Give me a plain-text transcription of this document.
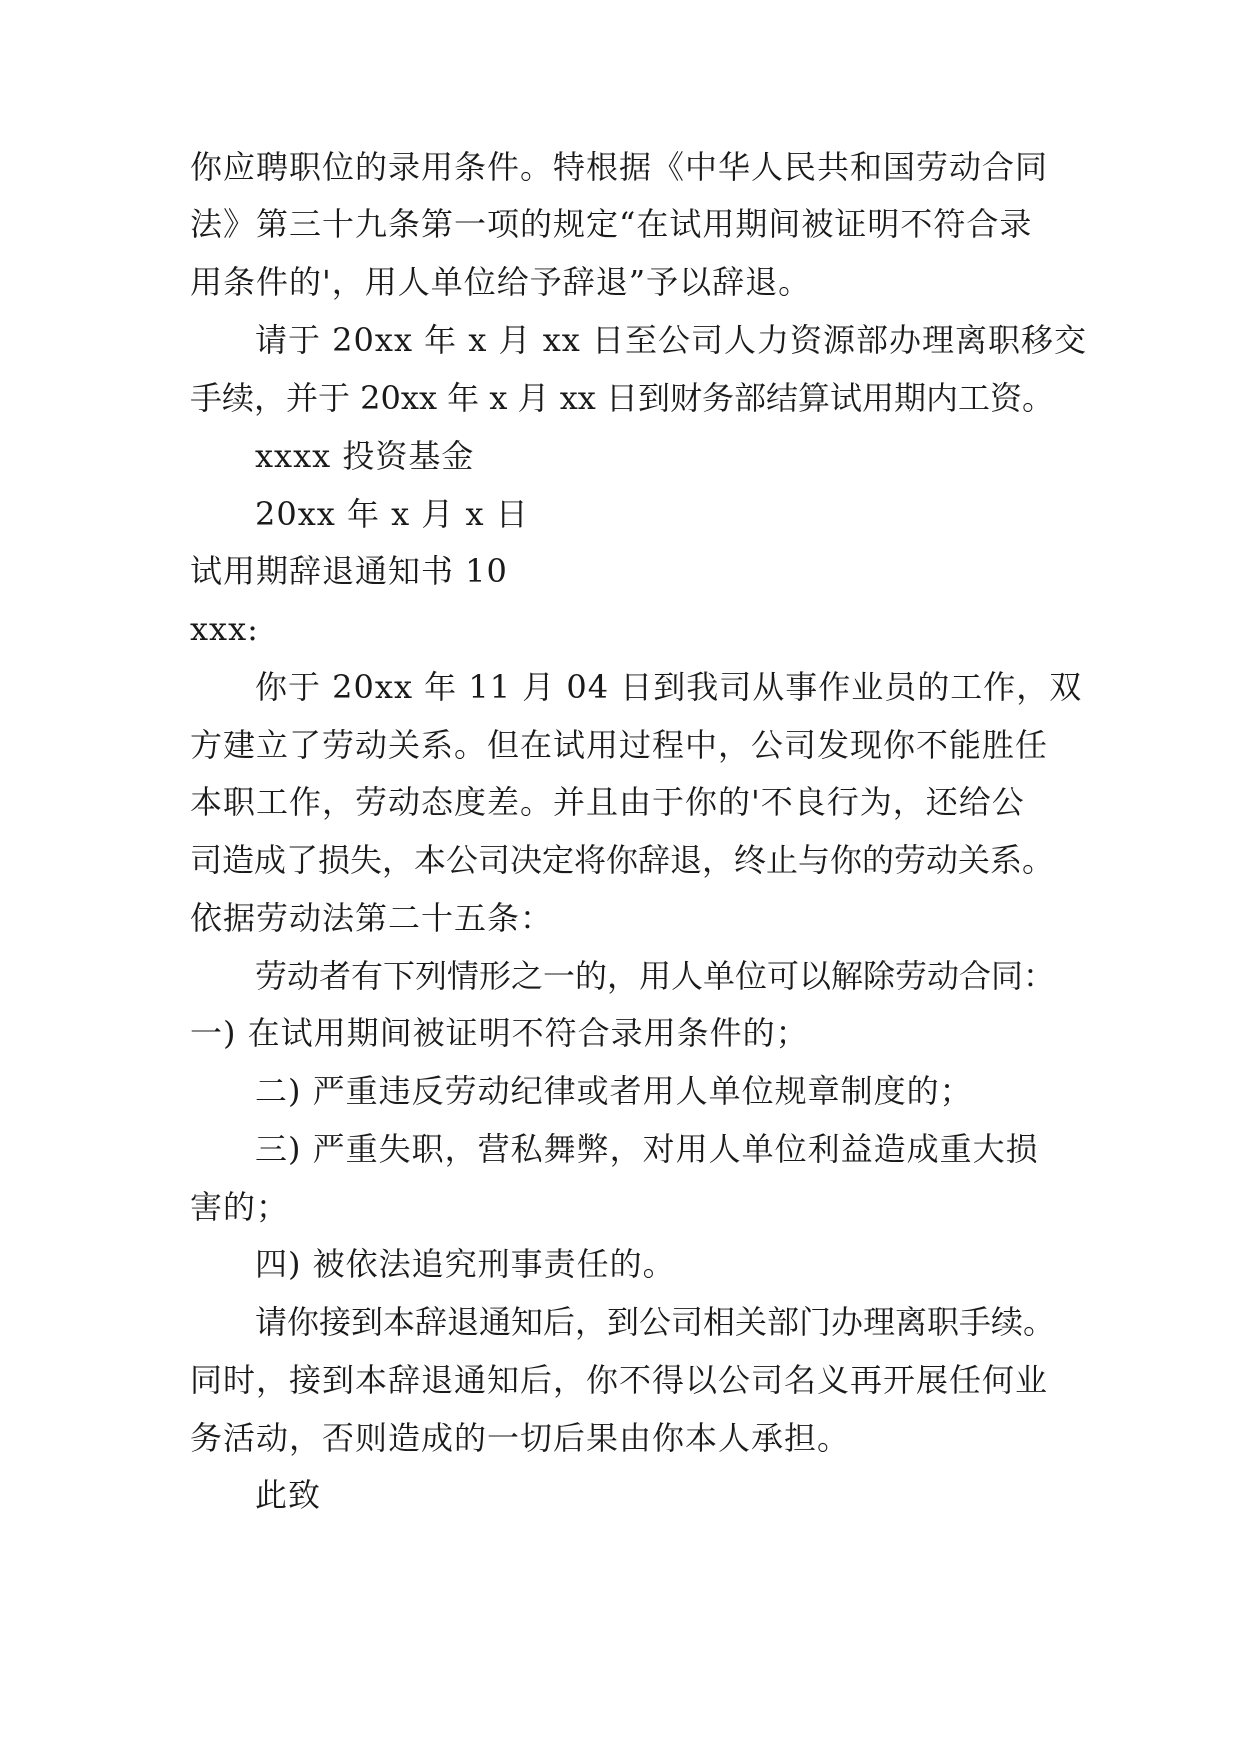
你应聘职位的录用条件。特根据《中华人民共和国劳动合同
法》第三十九条第一项的规定“在试用期间被证明不符合录
用条件的'，用人单位给予辞退”予以辞退。
请于 20xx 年 x 月 xx 日至公司人力资源部办理离职移交
手续，并于 20xx 年 x 月 xx 日到财务部结算试用期内工资。
xxxx 投资基金
20xx 年 x 月 x 日
试用期辞退通知书 10
xxx:
你于 20xx 年 11 月 04 日到我司从事作业员的工作，双
方建立了劳动关系。但在试用过程中，公司发现你不能胜任
本职工作，劳动态度差。并且由于你的'不良行为，还给公
司造成了损失，本公司决定将你辞退，终止与你的劳动关系。
依据劳动法第二十五条：
劳动者有下列情形之一的，用人单位可以解除劳动合同：
一) 在试用期间被证明不符合录用条件的；
二) 严重违反劳动纪律或者用人单位规章制度的；
三) 严重失职，营私舞弊，对用人单位利益造成重大损
害的；
四) 被依法追究刑事责任的。
请你接到本辞退通知后，到公司相关部门办理离职手续。
同时，接到本辞退通知后，你不得以公司名义再开展任何业
务活动，否则造成的一切后果由你本人承担。
此致
